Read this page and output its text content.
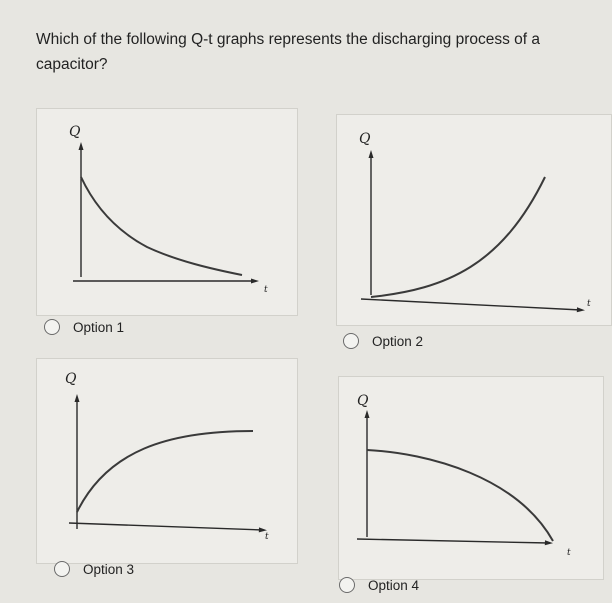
Which of the following Q-t graphs represents the discharging process of a capacitor?
Q
t
Q
t
Q
t
Q
t
Option 1
Option 2
Option 3
Option 4
